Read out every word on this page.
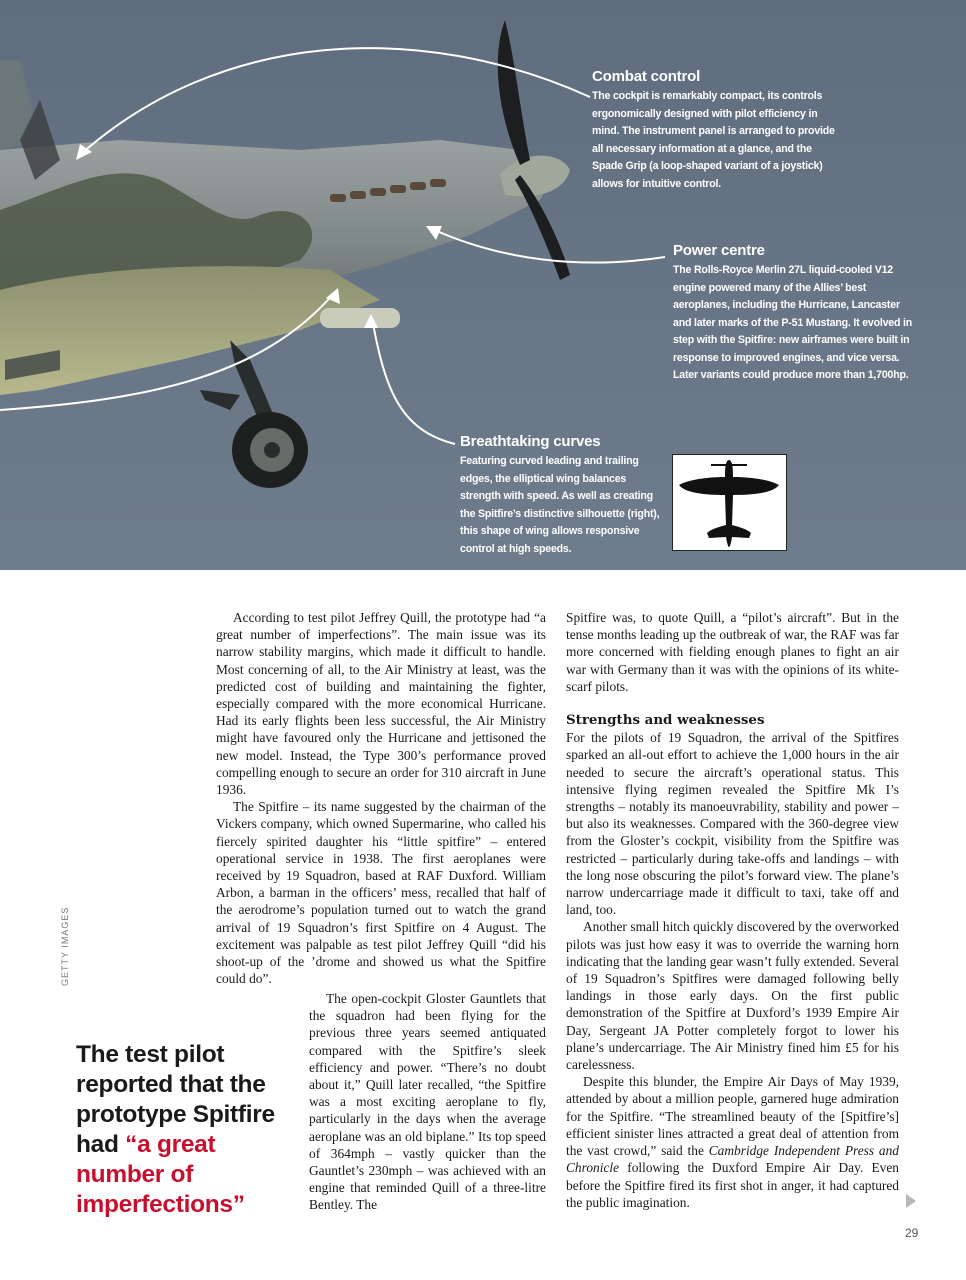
Combat control

The cockpit is remarkably compact, its controls ergonomically designed with pilot efficiency in mind. The instrument panel is arranged to provide all necessary information at a glance, and the Spade Grip (a loop-shaped variant of a joystick) allows for intuitive control.

Power centre

The Rolls-Royce Merlin 27L liquid-cooled V12 engine powered many of the Allies’ best aeroplanes, including the Hurricane, Lancaster and later marks of the P-51 Mustang. It evolved in step with the Spitfire: new airframes were built in response to improved engines, and vice versa. Later variants could produce more than 1,700hp.

Breathtaking curves

Featuring curved leading and trailing edges, the elliptical wing balances strength with speed. As well as creating the Spitfire’s distinctive silhouette (right), this shape of wing allows responsive control at high speeds.

GETTY IMAGES

According to test pilot Jeffrey Quill, the prototype had “a great number of imperfections”. The main issue was its narrow stability margins, which made it difficult to handle. Most concerning of all, to the Air Ministry at least, was the predicted cost of building and maintaining the fighter, especially compared with the more economical Hurricane. Had its early flights been less successful, the Air Ministry might have favoured only the Hurricane and jettisoned the new model. Instead, the Type 300’s performance proved compelling enough to secure an order for 310 aircraft in June 1936.

The Spitfire – its name suggested by the chairman of the Vickers company, which owned Supermarine, who called his fiercely spirited daughter his “little spitfire” – entered operational service in 1938. The first aeroplanes were received by 19 Squadron, based at RAF Duxford. William Arbon, a barman in the officers’ mess, recalled that half of the aerodrome’s population turned out to watch the grand arrival of 19 Squadron’s first Spitfire on 4 August. The excitement was palpable as test pilot Jeffrey Quill “did his shoot-up of the ’drome and showed us what the Spitfire could do”.

The open-cockpit Gloster Gauntlets that the squadron had been flying for the previous three years seemed antiquated compared with the Spitfire’s sleek efficiency and power. “There’s no doubt about it,” Quill later recalled, “the Spitfire was a most exciting aeroplane to fly, particularly in the days when the average aeroplane was an old biplane.” Its top speed of 364mph – vastly quicker than the Gauntlet’s 230mph – was achieved with an engine that reminded Quill of a three-litre Bentley. The

Spitfire was, to quote Quill, a “pilot’s aircraft”. But in the tense months leading up the outbreak of war, the RAF was far more concerned with fielding enough planes to fight an air war with Germany than it was with the opinions of its white-scarf pilots.

Strengths and weaknesses

For the pilots of 19 Squadron, the arrival of the Spitfires sparked an all-out effort to achieve the 1,000 hours in the air needed to secure the aircraft’s operational status. This intensive flying regimen revealed the Spitfire Mk I’s strengths – notably its manoeuvrability, stability and power – but also its weaknesses. Compared with the 360-degree view from the Gloster’s cockpit, visibility from the Spitfire was restricted – particularly during take-offs and landings – with the long nose obscuring the pilot’s forward view. The plane’s narrow undercarriage made it difficult to taxi, take off and land, too.

Another small hitch quickly discovered by the overworked pilots was just how easy it was to override the warning horn indicating that the landing gear wasn’t fully extended. Several of 19 Squadron’s Spitfires were damaged following belly landings in those early days. On the first public demonstration of the Spitfire at Duxford’s 1939 Empire Air Day, Sergeant JA Potter completely forgot to lower his plane’s undercarriage. The Air Ministry fined him £5 for his carelessness.

Despite this blunder, the Empire Air Days of May 1939, attended by about a million people, garnered huge admiration for the Spitfire. “The streamlined beauty of the [Spitfire’s] efficient sinister lines attracted a great deal of attention from the vast crowd,” said the Cambridge Independent Press and Chronicle following the Duxford Empire Air Day. Even before the Spitfire fired its first shot in anger, it had captured the public imagination.

The test pilot reported that the prototype Spitfire had “a great number of imperfections”
29
